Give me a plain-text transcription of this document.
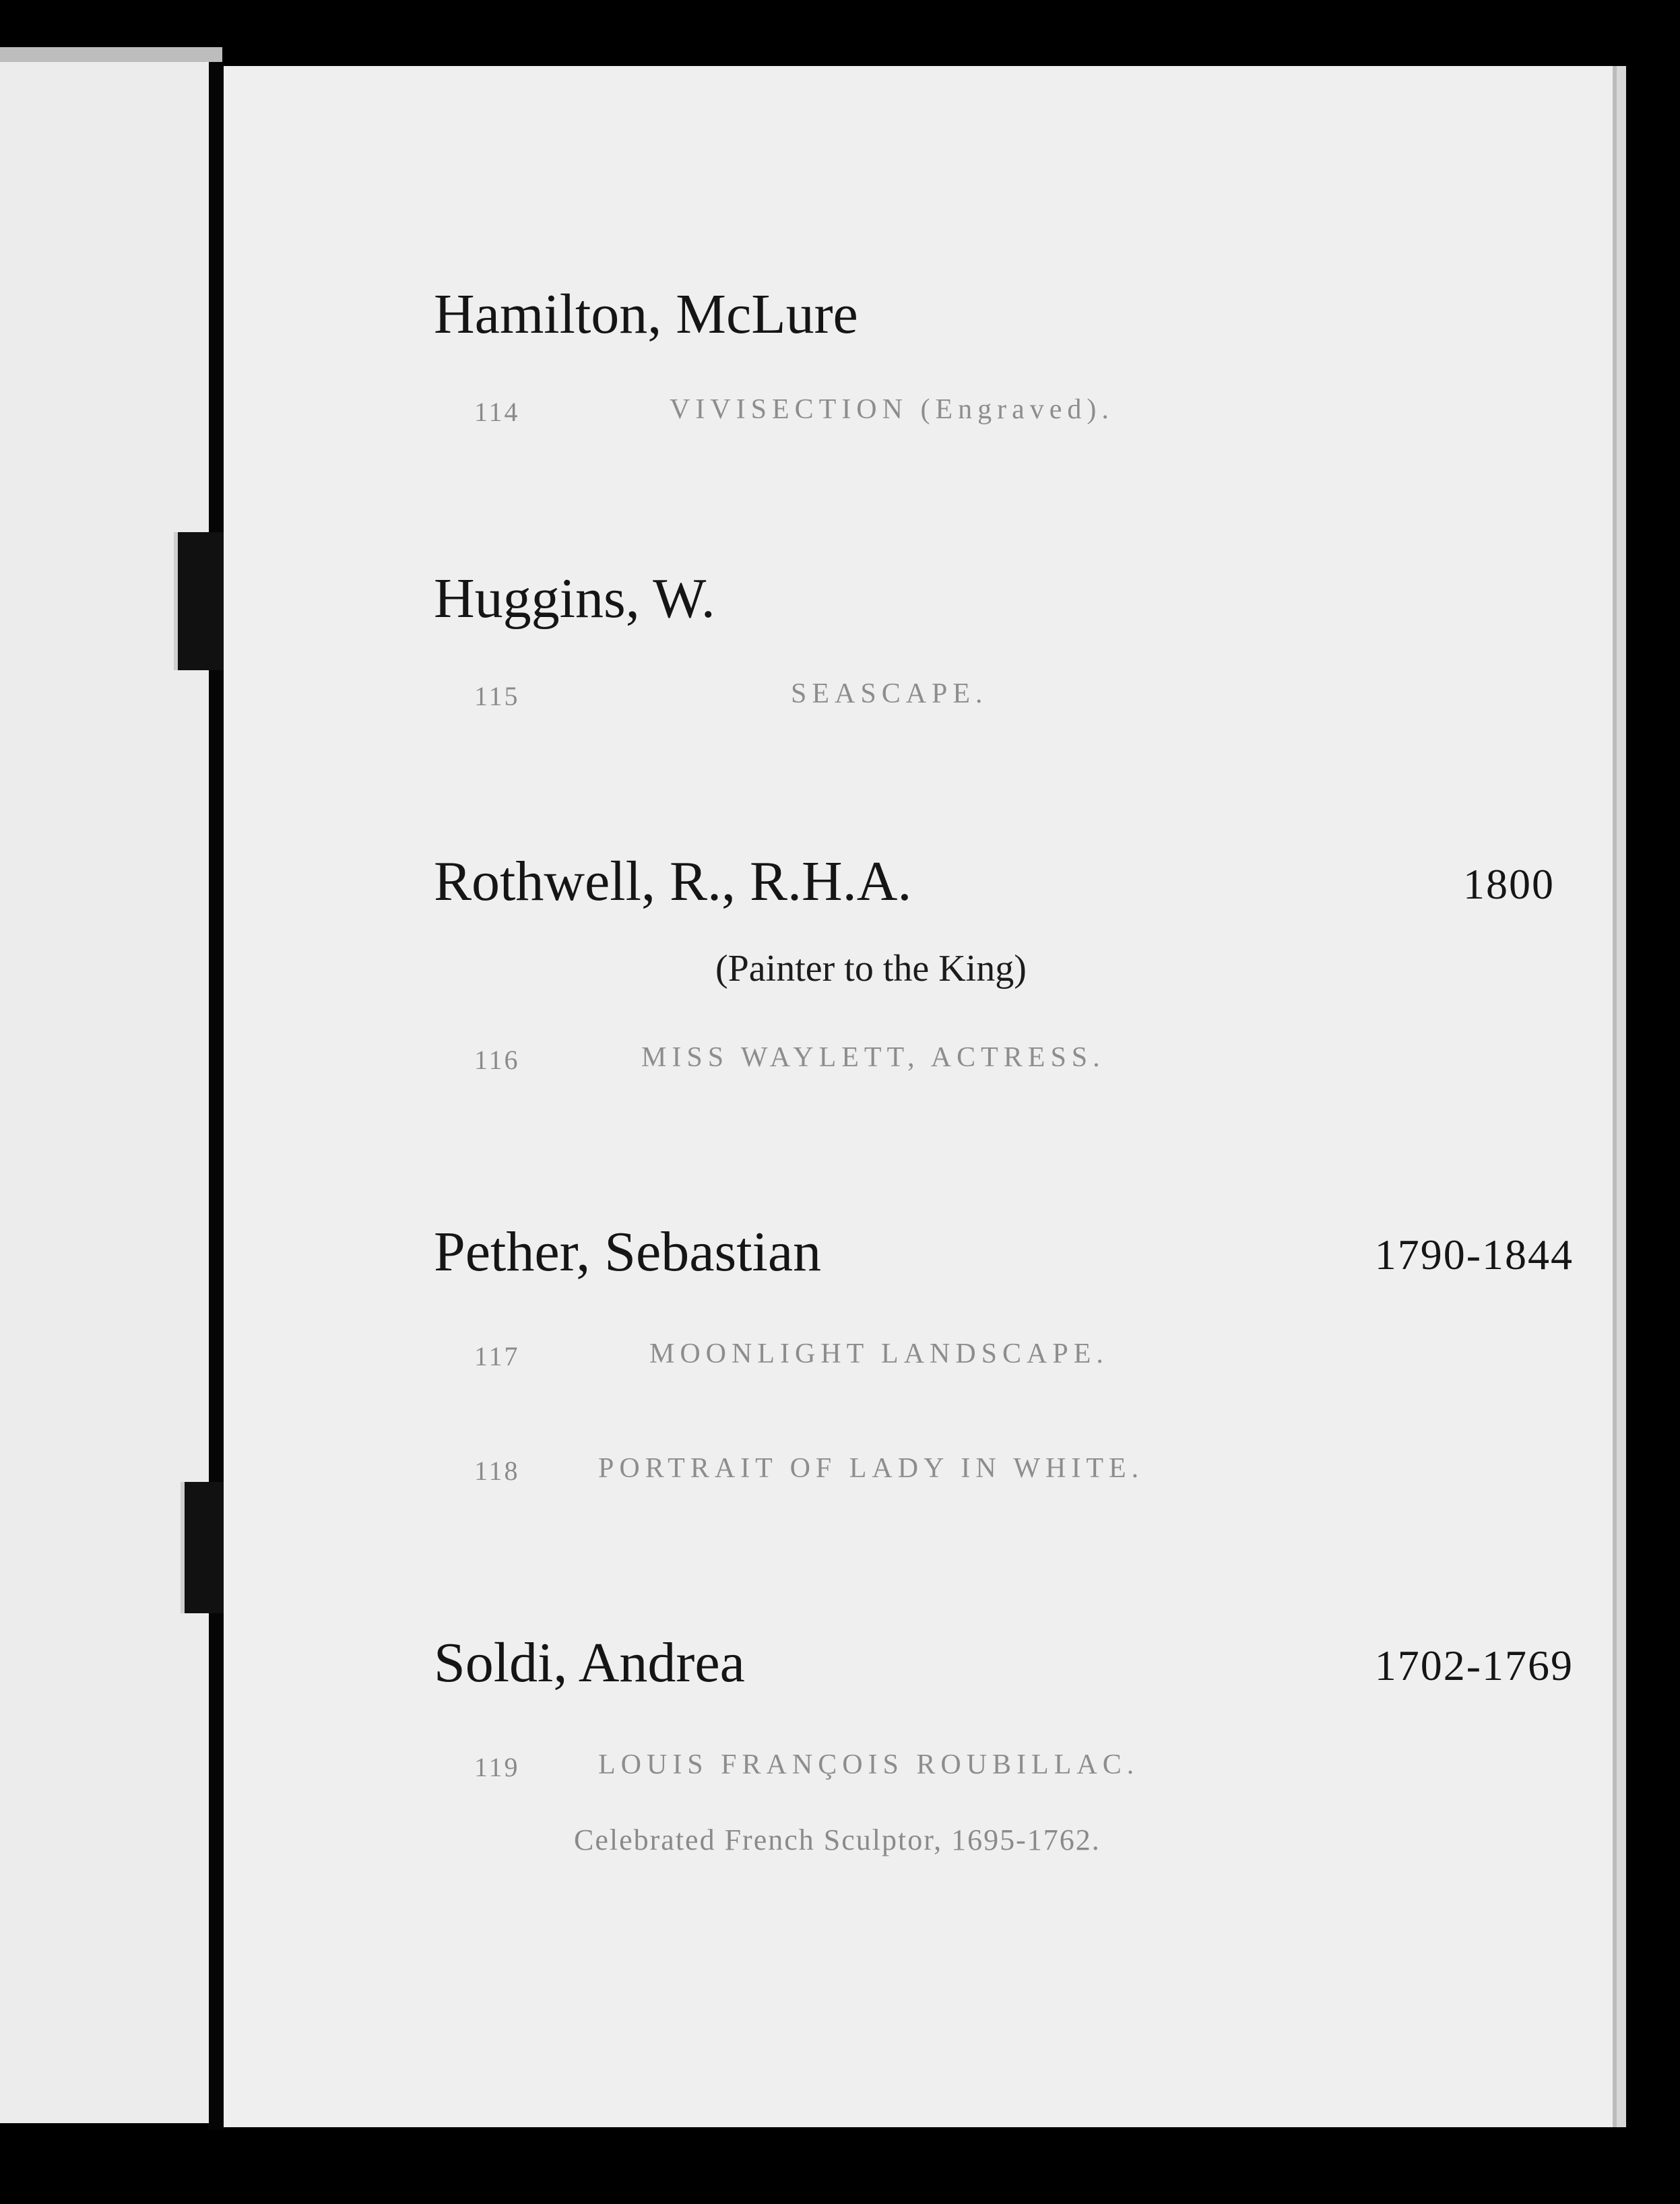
Hamilton, McLure
114	VIVISECTION (Engraved).
Huggins, W.
115	SEASCAPE.
Rothwell, R., R.H.A.	1800
(Painter to the King)
116	MISS WAYLETT, ACTRESS.
Pether, Sebastian	1790-1844
117	MOONLIGHT LANDSCAPE.
118	PORTRAIT OF LADY IN WHITE.
Soldi, Andrea	1702-1769
119	LOUIS FRANÇOIS ROUBILLAC.
Celebrated French Sculptor, 1695-1762.
